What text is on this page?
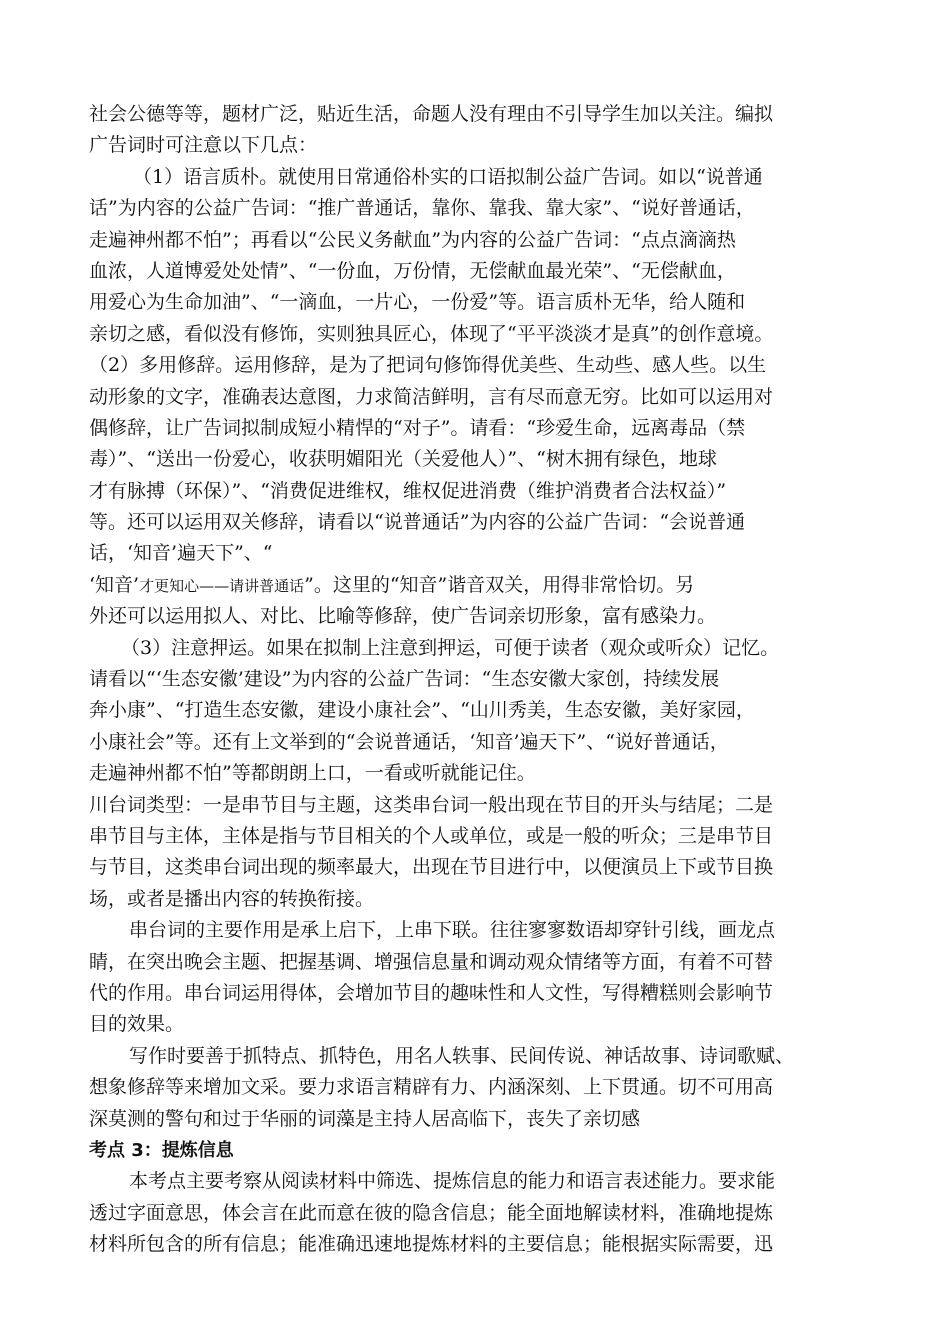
社会公德等等，题材广泛，贴近生活，命题人没有理由不引导学生加以关注。编拟
广告词时可注意以下几点：
（1）语言质朴。就使用日常通俗朴实的口语拟制公益广告词。如以“说普通
话”为内容的公益广告词：“推广普通话，靠你、靠我、靠大家”、“说好普通话，
走遍神州都不怕”；再看以“公民义务献血”为内容的公益广告词：“点点滴滴热
血浓，人道博爱处处情”、“一份血，万份情，无偿献血最光荣”、“无偿献血，
用爱心为生命加油”、“一滴血，一片心，一份爱”等。语言质朴无华，给人随和
亲切之感，看似没有修饰，实则独具匠心，体现了“平平淡淡才是真”的创作意境。
（2）多用修辞。运用修辞，是为了把词句修饰得优美些、生动些、感人些。以生
动形象的文字，准确表达意图，力求简洁鲜明，言有尽而意无穷。比如可以运用对
偶修辞，让广告词拟制成短小精悍的“对子”。请看：“珍爱生命，远离毒品（禁
毒）”、“送出一份爱心，收获明媚阳光（关爱他人）”、“树木拥有绿色，地球
才有脉搏（环保）”、“消费促进维权，维权促进消费（维护消费者合法权益）”
等。还可以运用双关修辞，请看以“说普通话”为内容的公益广告词：“会说普通
话，‘知音’遍天下”、“
‘知音’才更知心——请讲普通话”。这里的“知音”谐音双关，用得非常恰切。另
外还可以运用拟人、对比、比喻等修辞，使广告词亲切形象，富有感染力。
（3）注意押运。如果在拟制上注意到押运，可便于读者（观众或听众）记忆。
请看以“‘生态安徽’建设”为内容的公益广告词：“生态安徽大家创，持续发展
奔小康”、“打造生态安徽，建设小康社会”、“山川秀美，生态安徽，美好家园，
小康社会”等。还有上文举到的“会说普通话，‘知音’遍天下”、“说好普通话，
走遍神州都不怕”等都朗朗上口，一看或听就能记住。
川台词类型：一是串节目与主题，这类串台词一般出现在节目的开头与结尾；二是
串节目与主体，主体是指与节目相关的个人或单位，或是一般的听众；三是串节目
与节目，这类串台词出现的频率最大，出现在节目进行中，以便演员上下或节目换
场，或者是播出内容的转换衔接。
串台词的主要作用是承上启下，上串下联。往往寥寥数语却穿针引线，画龙点
睛，在突出晚会主题、把握基调、增强信息量和调动观众情绪等方面，有着不可替
代的作用。串台词运用得体，会增加节目的趣味性和人文性，写得糟糕则会影响节
目的效果。
写作时要善于抓特点、抓特色，用名人轶事、民间传说、神话故事、诗词歌赋、
想象修辞等来增加文采。要力求语言精辟有力、内涵深刻、上下贯通。切不可用高
深莫测的警句和过于华丽的词藻是主持人居高临下，丧失了亲切感
考点 3：提炼信息
本考点主要考察从阅读材料中筛选、提炼信息的能力和语言表述能力。要求能
透过字面意思，体会言在此而意在彼的隐含信息；能全面地解读材料，准确地提炼
材料所包含的所有信息；能准确迅速地提炼材料的主要信息；能根据实际需要，迅
